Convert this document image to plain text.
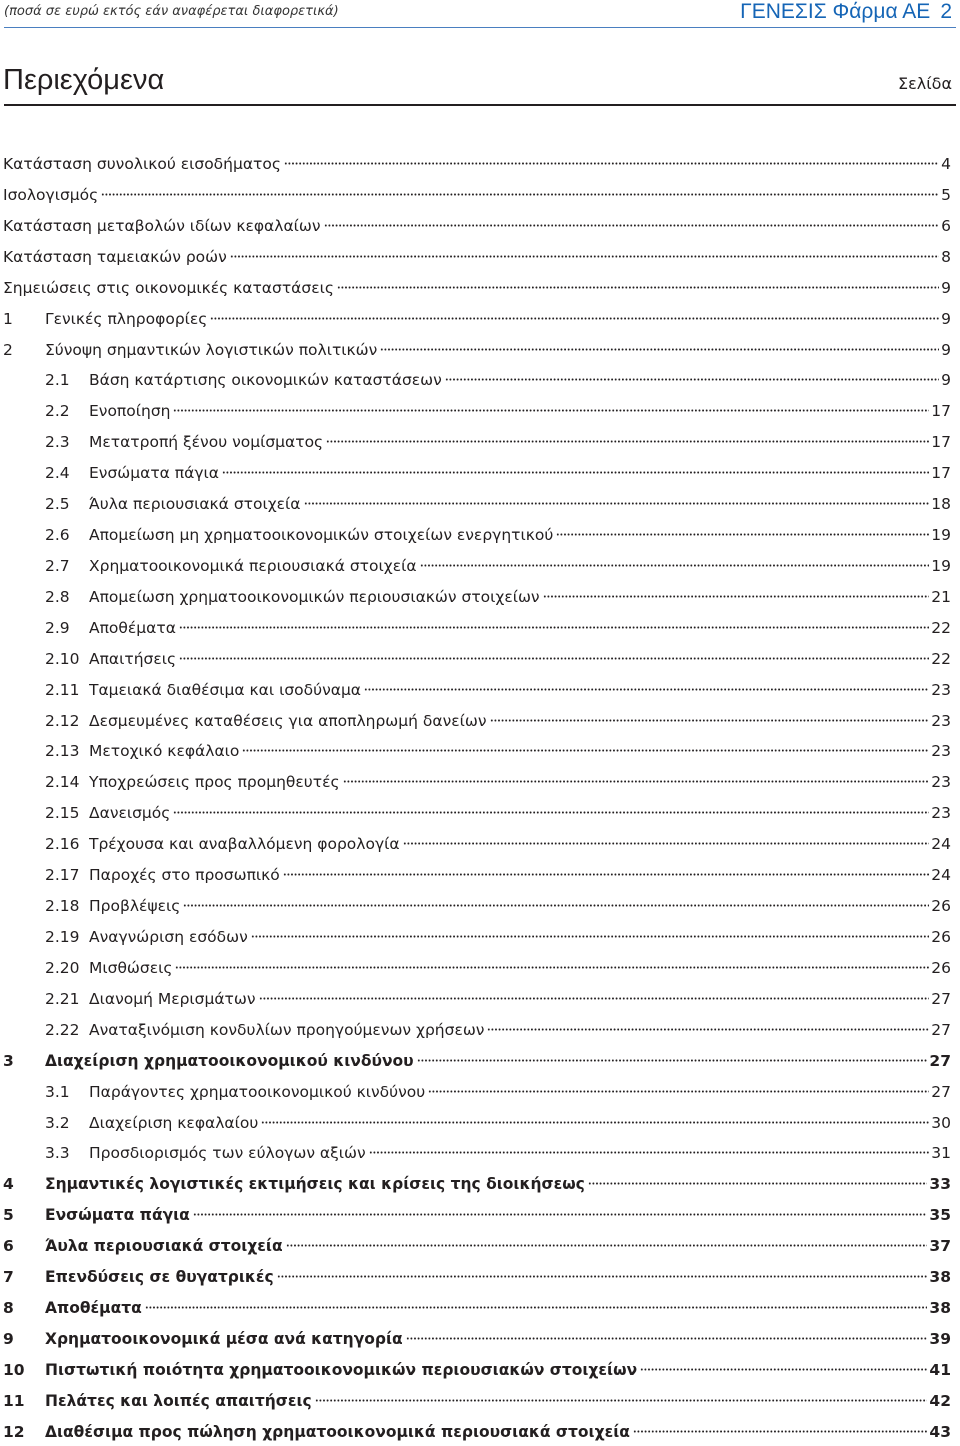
(ποσά σε ευρώ εκτός εάν αναφέρεται διαφορετικά)	ΓΕΝΕΣΙΣ Φάρμα ΑΕ 2
Περιεχόμενα	Σελίδα
Κατάσταση συνολικού εισοδήματος	4
Ισολογισμός	5
Κατάσταση μεταβολών ιδίων κεφαλαίων	6
Κατάσταση ταμειακών ροών	8
Σημειώσεις στις οικονομικές καταστάσεις	9
1	Γενικές πληροφορίες	9
2	Σύνοψη σημαντικών λογιστικών πολιτικών	9
2.1	Βάση κατάρτισης οικονομικών καταστάσεων	9
2.2	Ενοποίηση	17
2.3	Μετατροπή ξένου νομίσματος	17
2.4	Ενσώματα πάγια	17
2.5	Άυλα περιουσιακά στοιχεία	18
2.6	Απομείωση μη χρηματοοικονομικών στοιχείων ενεργητικού	19
2.7	Χρηματοοικονομικά περιουσιακά στοιχεία	19
2.8	Απομείωση χρηματοοικονομικών περιουσιακών στοιχείων	21
2.9	Αποθέματα	22
2.10 Απαιτήσεις	22
2.11 Ταμειακά διαθέσιμα και ισοδύναμα	23
2.12 Δεσμευμένες καταθέσεις για αποπληρωμή δανείων	23
2.13 Μετοχικό κεφάλαιο	23
2.14 Υποχρεώσεις προς προμηθευτές	23
2.15 Δανεισμός	23
2.16 Τρέχουσα και αναβαλλόμενη φορολογία	24
2.17 Παροχές στο προσωπικό	24
2.18 Προβλέψεις	26
2.19 Αναγνώριση εσόδων	26
2.20 Μισθώσεις	26
2.21 Διανομή Μερισμάτων	27
2.22 Αναταξινόμιση κονδυλίων προηγούμενων χρήσεων	27
3	Διαχείριση χρηματοοικονομικού κινδύνου	27
3.1	Παράγοντες χρηματοοικονομικού κινδύνου	27
3.2	Διαχείριση κεφαλαίου	30
3.3	Προσδιορισμός των εύλογων αξιών	31
4	Σημαντικές λογιστικές εκτιμήσεις και κρίσεις της διοικήσεως	33
5	Ενσώματα πάγια	35
6	Άυλα περιουσιακά στοιχεία	37
7	Επενδύσεις σε θυγατρικές	38
8	Αποθέματα	38
9	Χρηματοοικονομικά μέσα ανά κατηγορία	39
10	Πιστωτική ποιότητα χρηματοοικονομικών περιουσιακών στοιχείων	41
11	Πελάτες και λοιπές απαιτήσεις	42
12	Διαθέσιμα προς πώληση χρηματοοικονομικά περιουσιακά στοιχεία	43
